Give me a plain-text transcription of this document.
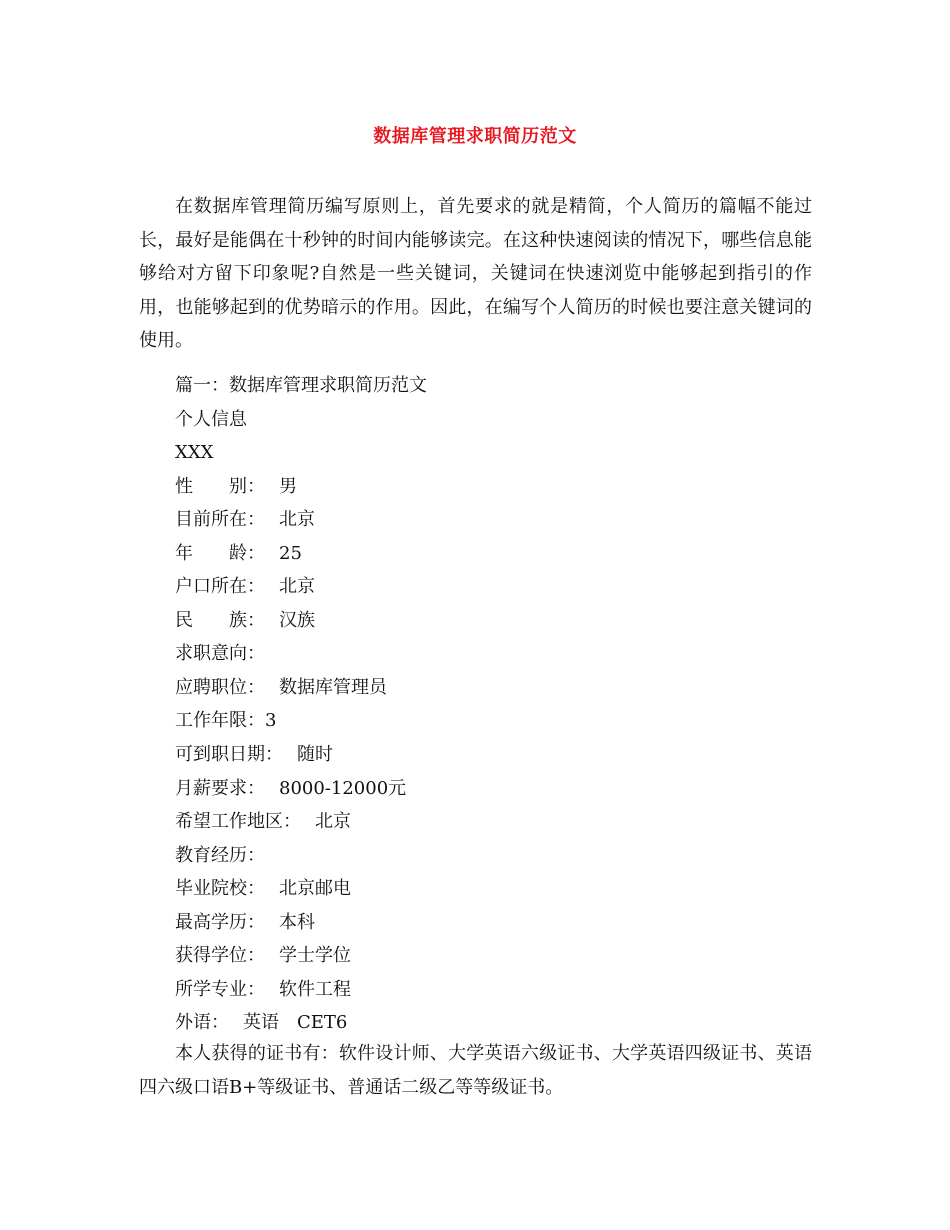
数据库管理求职简历范文

在数据库管理简历编写原则上，首先要求的就是精简，个人简历的篇幅不能过长，最好是能偶在十秒钟的时间内能够读完。在这种快速阅读的情况下，哪些信息能够给对方留下印象呢?自然是一些关键词，关键词在快速浏览中能够起到指引的作用，也能够起到的优势暗示的作用。因此，在编写个人简历的时候也要注意关键词的使用。

篇一：数据库管理求职简历范文
个人信息
XXX
性　　别： 男
目前所在： 北京
年　　龄： 25
户口所在： 北京
民　　族： 汉族
求职意向：
应聘职位： 数据库管理员
工作年限：3
可到职日期： 随时
月薪要求： 8000-12000元
希望工作地区： 北京
教育经历：
毕业院校： 北京邮电
最高学历： 本科
获得学位： 学士学位
所学专业： 软件工程
外语： 英语　CET6

本人获得的证书有：软件设计师、大学英语六级证书、大学英语四级证书、英语四六级口语B+等级证书、普通话二级乙等等级证书。
